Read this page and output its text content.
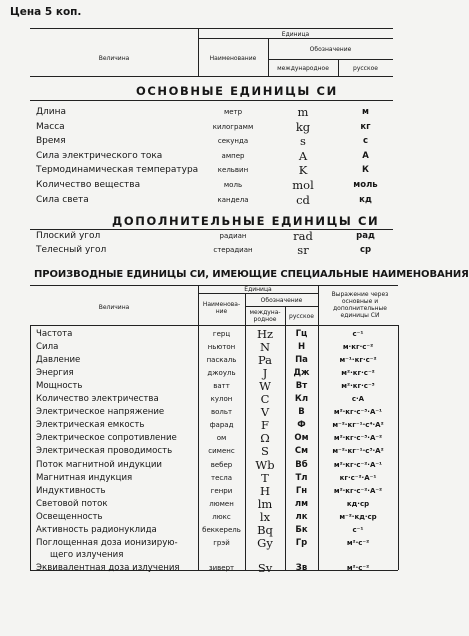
Цена 5 коп.
Величина
Единица
Наименование
Обозначение
международное	русское
ОСНОВНЫЕ ЕДИНИЦЫ СИ
Длина	метр	m	м
Масса	килограмм	kg	кг
Время	секунда	s	с
Сила электрического тока	ампер	A	А
Термодинамическая температура	кельвин	K	К
Количество вещества	моль	mol	моль
Сила света	кандела	cd	кд
ДОПОЛНИТЕЛЬНЫЕ ЕДИНИЦЫ СИ
Плоский угол	радиан	rad	рад
Телесный угол	стерадиан	sr	ср
ПРОИЗВОДНЫЕ ЕДИНИЦЫ СИ, ИМЕЮЩИЕ СПЕЦИАЛЬНЫЕ НАИМЕНОВАНИЯ
Величина
Единица
Наименова-ние
Обозначение
междуна-родное	русское
Выражение через основные и дополнительные единицы СИ
Частота	герц	Hz	Гц	с⁻¹
Сила	ньютон	N	Н	м·кг·с⁻²
Давление	паскаль	Pa	Па	м⁻¹·кг·с⁻²
Энергия	джоуль	J	Дж	м²·кг·с⁻²
Мощность	ватт	W	Вт	м²·кг·с⁻³
Количество электричества	кулон	C	Кл	с·А
Электрическое напряжение	вольт	V	В	м²·кг·с⁻³·А⁻¹
Электрическая емкость	фарад	F	Ф	м⁻²·кг⁻¹·с⁴·А²
Электрическое сопротивление	ом	Ω	Ом	м²·кг·с⁻³·А⁻²
Электрическая проводимость	сименс	S	См	м⁻²·кг⁻¹·с³·А²
Поток магнитной индукции	вебер	Wb	Вб	м²·кг·с⁻²·А⁻¹
Магнитная индукция	тесла	T	Тл	кг·с⁻²·А⁻¹
Индуктивность	генри	H	Гн	м²·кг·с⁻²·А⁻²
Световой поток	люмен	lm	лм	кд·ср
Освещенность	люкс	lx	лк	м⁻²·кд·ср
Активность радионуклида	беккерель	Bq	Бк	с⁻¹
Поглощенная доза ионизирую-
щего излучения
грэй	Gy	Гр	м²·с⁻²
Эквивалентная доза излучения	зиверт	Sv	Зв	м²·с⁻²
